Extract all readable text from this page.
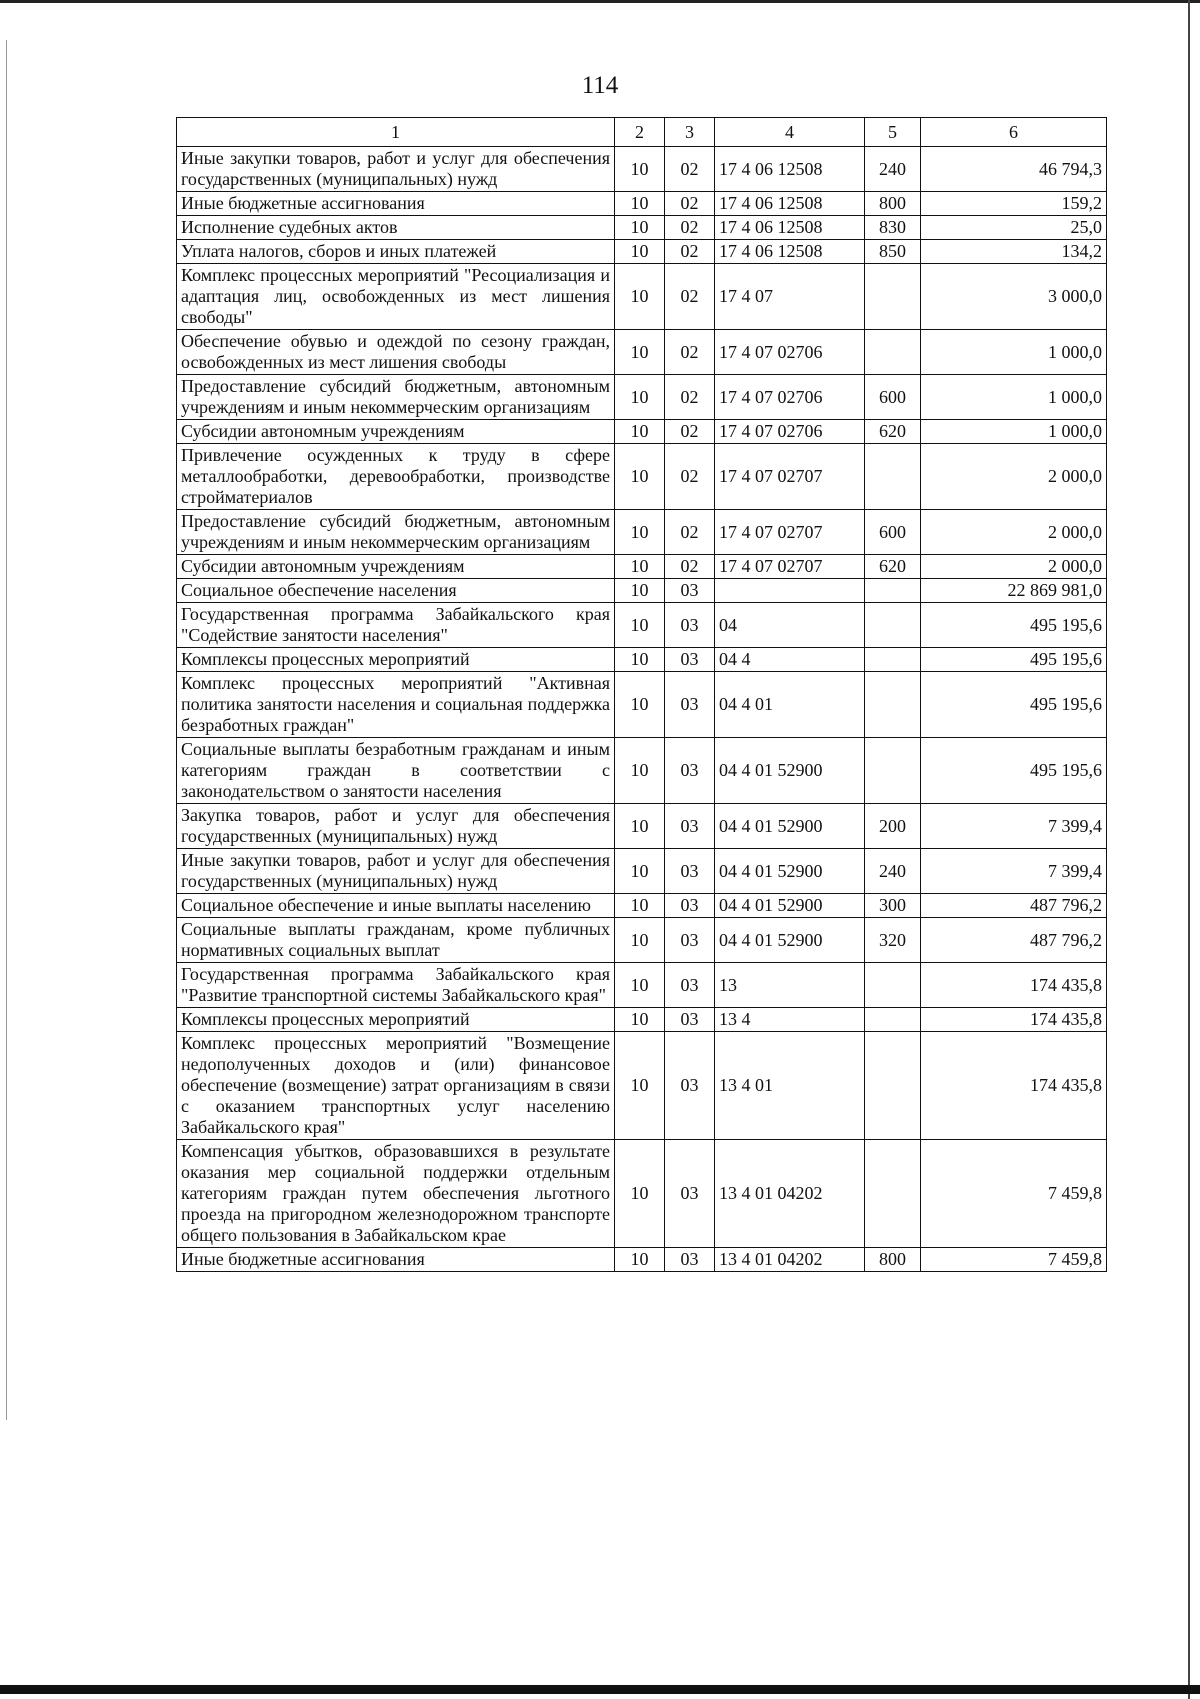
114
1	2	3	4	5	6
Иные закупки товаров, работ и услуг для обеспечения государственных (муниципальных) нужд	10	02	17 4 06 12508	240	46 794,3
Иные бюджетные ассигнования	10	02	17 4 06 12508	800	159,2
Исполнение судебных актов	10	02	17 4 06 12508	830	25,0
Уплата налогов, сборов и иных платежей	10	02	17 4 06 12508	850	134,2
Комплекс процессных мероприятий "Ресоциализация и адаптация лиц, освобожденных из мест лишения свободы"	10	02	17 4 07		3 000,0
Обеспечение обувью и одеждой по сезону граждан, освобожденных из мест лишения свободы	10	02	17 4 07 02706		1 000,0
Предоставление субсидий бюджетным, автономным учреждениям и иным некоммерческим организациям	10	02	17 4 07 02706	600	1 000,0
Субсидии автономным учреждениям	10	02	17 4 07 02706	620	1 000,0
Привлечение осужденных к труду в сфере металлообработки, деревообработки, производстве стройматериалов	10	02	17 4 07 02707		2 000,0
Предоставление субсидий бюджетным, автономным учреждениям и иным некоммерческим организациям	10	02	17 4 07 02707	600	2 000,0
Субсидии автономным учреждениям	10	02	17 4 07 02707	620	2 000,0
Социальное обеспечение населения	10	03			22 869 981,0
Государственная программа Забайкальского края "Содействие занятости населения"	10	03	04		495 195,6
Комплексы процессных мероприятий	10	03	04 4		495 195,6
Комплекс процессных мероприятий "Активная политика занятости населения и социальная поддержка безработных граждан"	10	03	04 4 01		495 195,6
Социальные выплаты безработным гражданам и иным категориям граждан в соответствии с законодательством о занятости населения	10	03	04 4 01 52900		495 195,6
Закупка товаров, работ и услуг для обеспечения государственных (муниципальных) нужд	10	03	04 4 01 52900	200	7 399,4
Иные закупки товаров, работ и услуг для обеспечения государственных (муниципальных) нужд	10	03	04 4 01 52900	240	7 399,4
Социальное обеспечение и иные выплаты населению	10	03	04 4 01 52900	300	487 796,2
Социальные выплаты гражданам, кроме публичных нормативных социальных выплат	10	03	04 4 01 52900	320	487 796,2
Государственная программа Забайкальского края "Развитие транспортной системы Забайкальского края"	10	03	13		174 435,8
Комплексы процессных мероприятий	10	03	13 4		174 435,8
Комплекс процессных мероприятий "Возмещение недополученных доходов и (или) финансовое обеспечение (возмещение) затрат организациям в связи с оказанием транспортных услуг населению Забайкальского края"	10	03	13 4 01		174 435,8
Компенсация убытков, образовавшихся в результате оказания мер социальной поддержки отдельным категориям граждан путем обеспечения льготного проезда на пригородном железнодорожном транспорте общего пользования в Забайкальском крае	10	03	13 4 01 04202		7 459,8
Иные бюджетные ассигнования	10	03	13 4 01 04202	800	7 459,8
